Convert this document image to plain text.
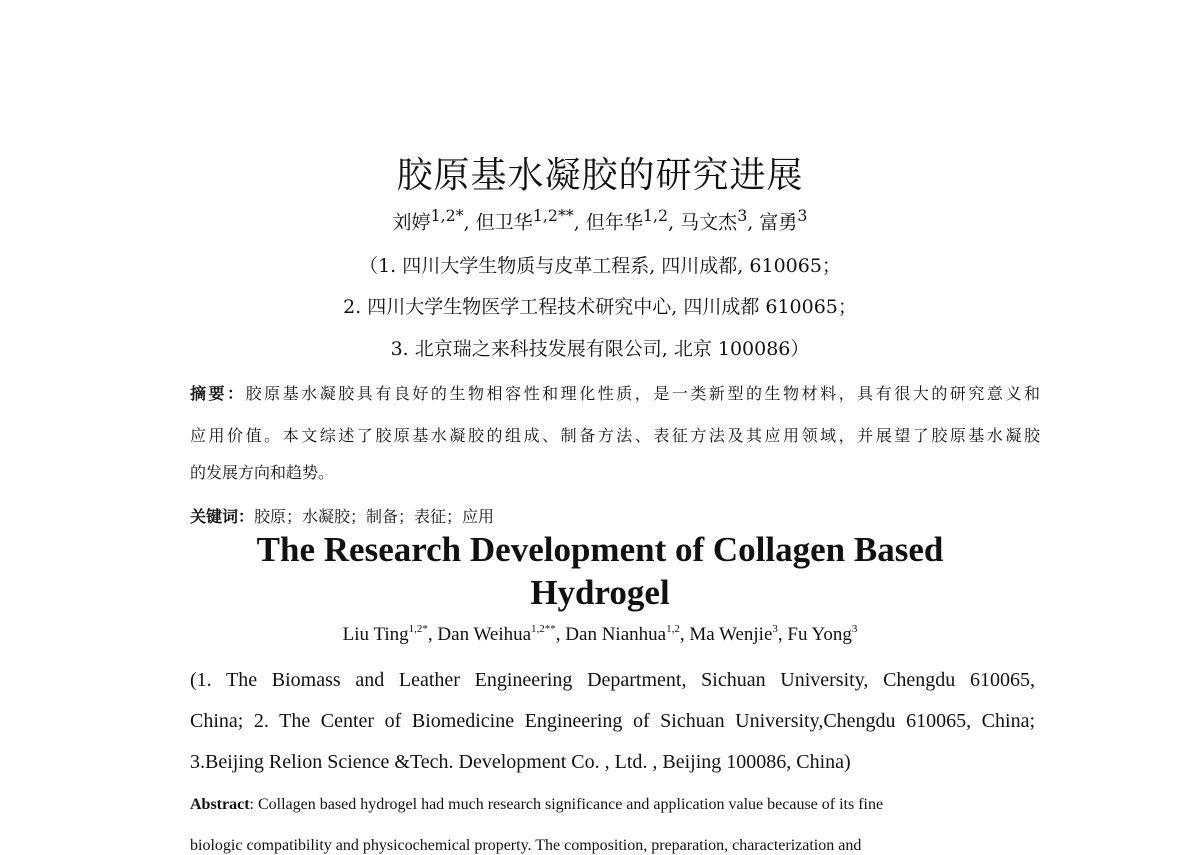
胶原基水凝胶的研究进展
刘婷$^{1,2*}$, 但卫华$^{1,2**}$, 但年华$^{1,2}$, 马文杰$^3$, 富勇$^3$
（1. 四川大学生物质与皮革工程系, 四川成都, 610065；
2. 四川大学生物医学工程技术研究中心, 四川成都 610065；
3. 北京瑞之来科技发展有限公司, 北京 100086）
摘要：胶原基水凝胶具有良好的生物相容性和理化性质，是一类新型的生物材料，具有很大的研究意义和
应用价值。本文综述了胶原基水凝胶的组成、制备方法、表征方法及其应用领域，并展望了胶原基水凝胶
的发展方向和趋势。
关键词：胶原；水凝胶；制备；表征；应用
The Research Development of Collagen Based
Hydrogel
Liu Ting$^{1,2*}$, Dan Weihua$^{1,2**}$, Dan Nianhua$^{1,2}$, Ma Wenjie$^3$, Fu Yong$^3$
(1. The Biomass and Leather Engineering Department, Sichuan University, Chengdu 610065,
China; 2. The Center of Biomedicine Engineering of Sichuan University,Chengdu 610065, China;
3.Beijing Relion Science &Tech. Development Co. , Ltd. , Beijing 100086, China)
Abstract: Collagen based hydrogel had much research significance and application value because of its fine
biologic compatibility and physicochemical property. The composition, preparation, characterization and
